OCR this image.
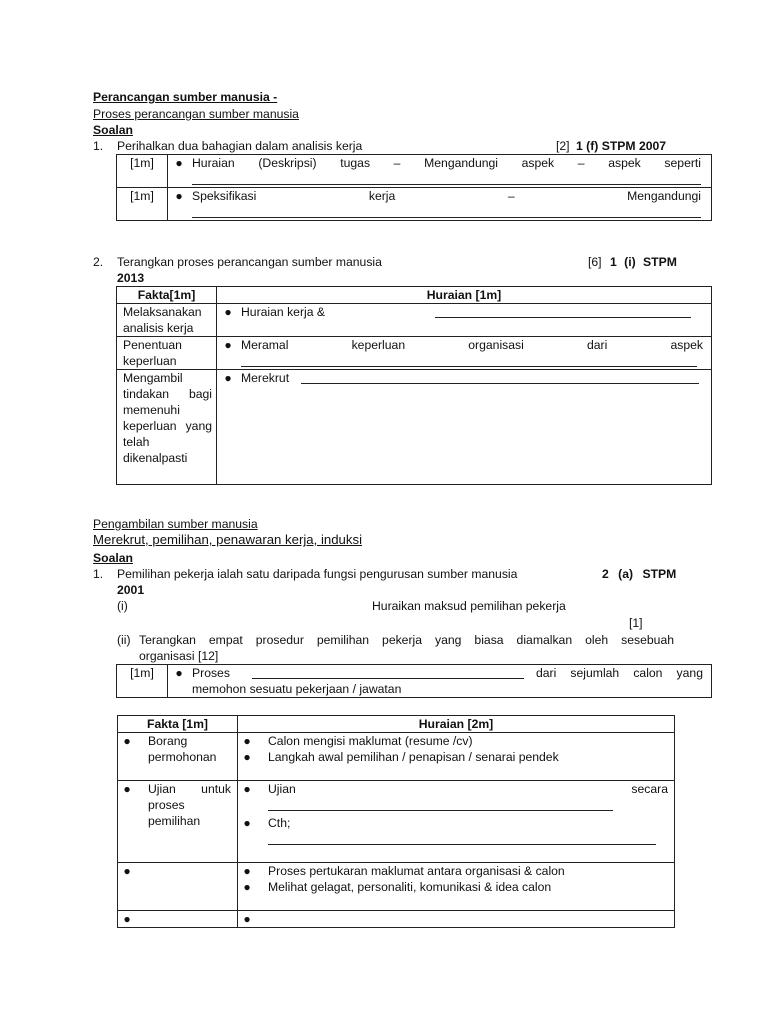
Perancangan sumber manusia -
Proses perancangan sumber manusia
Soalan
1. Perihalkan dua bahagian dalam analisis kerja	[2] 1 (f) STPM 2007
[1m]	● Huraian (Deskripsi) tugas – Mengandungi aspek – aspek seperti

[1m]	● Speksifikasi kerja – Mengandungi
2. Terangkan proses perancangan sumber manusia	[6] 1 (i) STPM
2013
Fakta[1m]	Huraian [1m]

Melaksanakan analisis kerja	● Huraian kerja &

Penentuan keperluan	● Meramal keperluan organisasi dari aspek

Mengambil tindakan bagi memenuhi keperluan yang telah dikenalpasti	● Merekrut
Pengambilan sumber manusia
Merekrut, pemilihan, penawaran kerja, induksi
Soalan
1. Pemilihan pekerja ialah satu daripada fungsi pengurusan sumber manusia	2 (a) STPM
2001
(i)	Huraikan maksud pemilihan pekerja
[1]
(ii) Terangkan empat prosedur pemilihan pekerja yang biasa diamalkan oleh sesebuah
organisasi [12]
[1m]	● Proses	dari sejumlah calon yang
memohon sesuatu pekerjaan / jawatan
Fakta [1m]	Huraian [2m]

● Borang permohonan	● Calon mengisi maklumat (resume /cv)
● Langkah awal pemilihan / penapisan / senarai pendek

● Ujian untuk proses pemilihan	● Ujian secara
● Cth;

●	● Proses pertukaran maklumat antara organisasi & calon
● Melihat gelagat, personaliti, komunikasi & idea calon

●	●
